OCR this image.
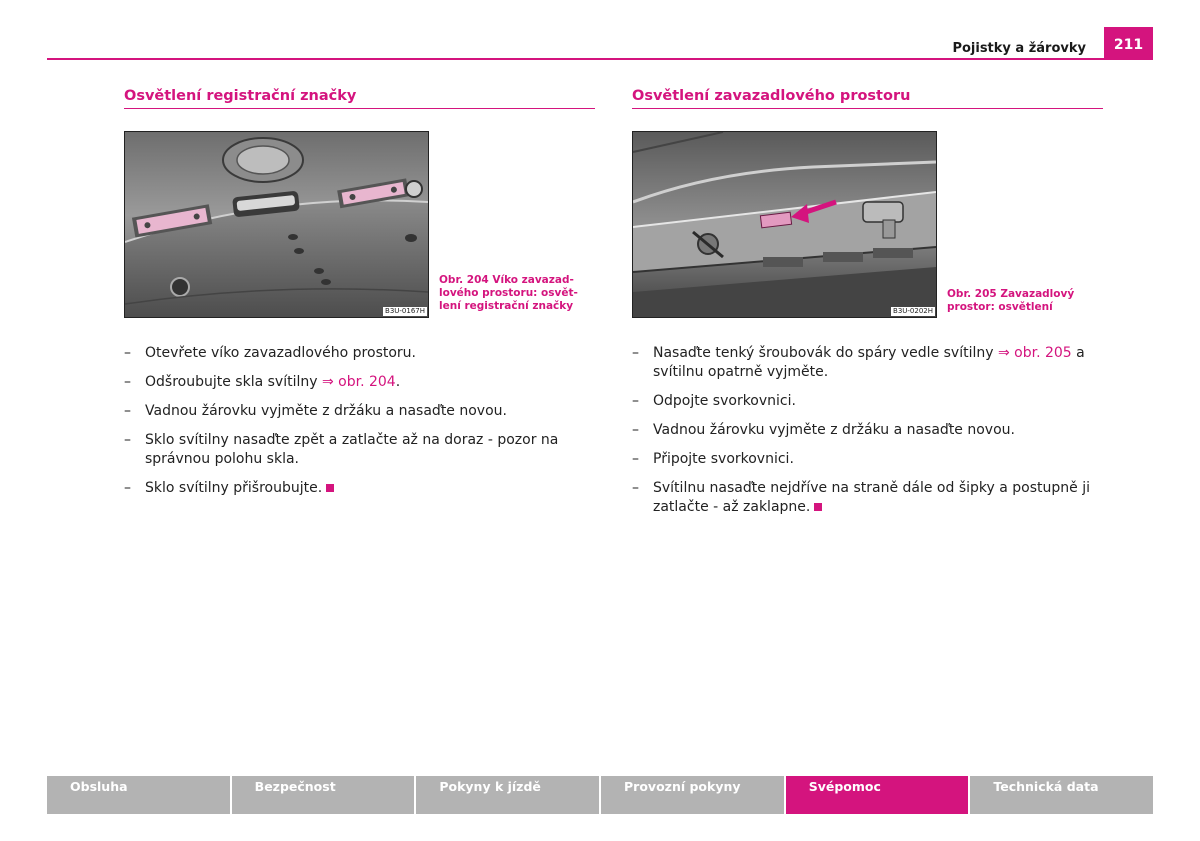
Pojistky a žárovky	211
Osvětlení registrační značky
B3U-0167H
Obr. 204 Víko zavazad-
lového prostoru: osvět-
lení registrační značky
– Otevřete víko zavazadlového prostoru.
– Odšroubujte skla svítilny ⇒ obr. 204.
– Vadnou žárovku vyjměte z držáku a nasaďte novou.
– Sklo svítilny nasaďte zpět a zatlačte až na doraz - pozor na správnou polohu skla.
– Sklo svítilny přišroubujte.
Osvětlení zavazadlového prostoru
B3U-0202H
Obr. 205 Zavazadlový
prostor: osvětlení
– Nasaďte tenký šroubovák do spáry vedle svítilny ⇒ obr. 205 a svítilnu opatrně vyjměte.
– Odpojte svorkovnici.
– Vadnou žárovku vyjměte z držáku a nasaďte novou.
– Připojte svorkovnici.
– Svítilnu nasaďte nejdříve na straně dále od šipky a postupně ji zatlačte - až zaklapne.
Obsluha	Bezpečnost	Pokyny k jízdě	Provozní pokyny	Svépomoc	Technická data
